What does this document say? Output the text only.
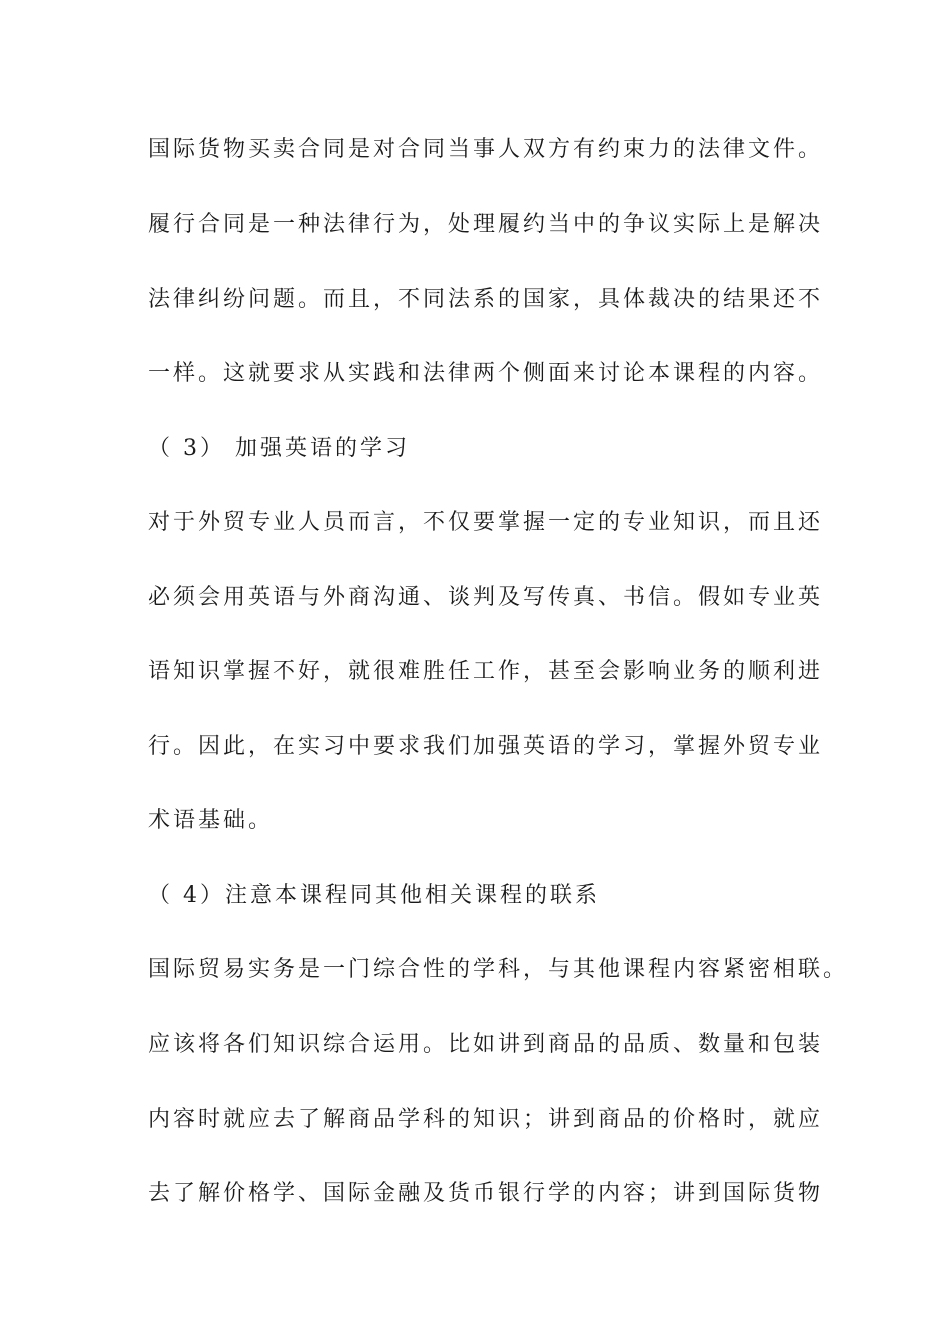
国际货物买卖合同是对合同当事人双方有约束力的法律文件。
履行合同是一种法律行为，处理履约当中的争议实际上是解决
法律纠纷问题。而且，不同法系的国家，具体裁决的结果还不
一样。这就要求从实践和法律两个侧面来讨论本课程的内容。
（ 3） 加强英语的学习
对于外贸专业人员而言，不仅要掌握一定的专业知识，而且还
必须会用英语与外商沟通、谈判及写传真、书信。假如专业英
语知识掌握不好，就很难胜任工作，甚至会影响业务的顺利进
行。因此，在实习中要求我们加强英语的学习，掌握外贸专业
术语基础。
（ 4）注意本课程同其他相关课程的联系
国际贸易实务是一门综合性的学科，与其他课程内容紧密相联。
应该将各们知识综合运用。比如讲到商品的品质、数量和包装
内容时就应去了解商品学科的知识；讲到商品的价格时，就应
去了解价格学、国际金融及货币银行学的内容；讲到国际货物
